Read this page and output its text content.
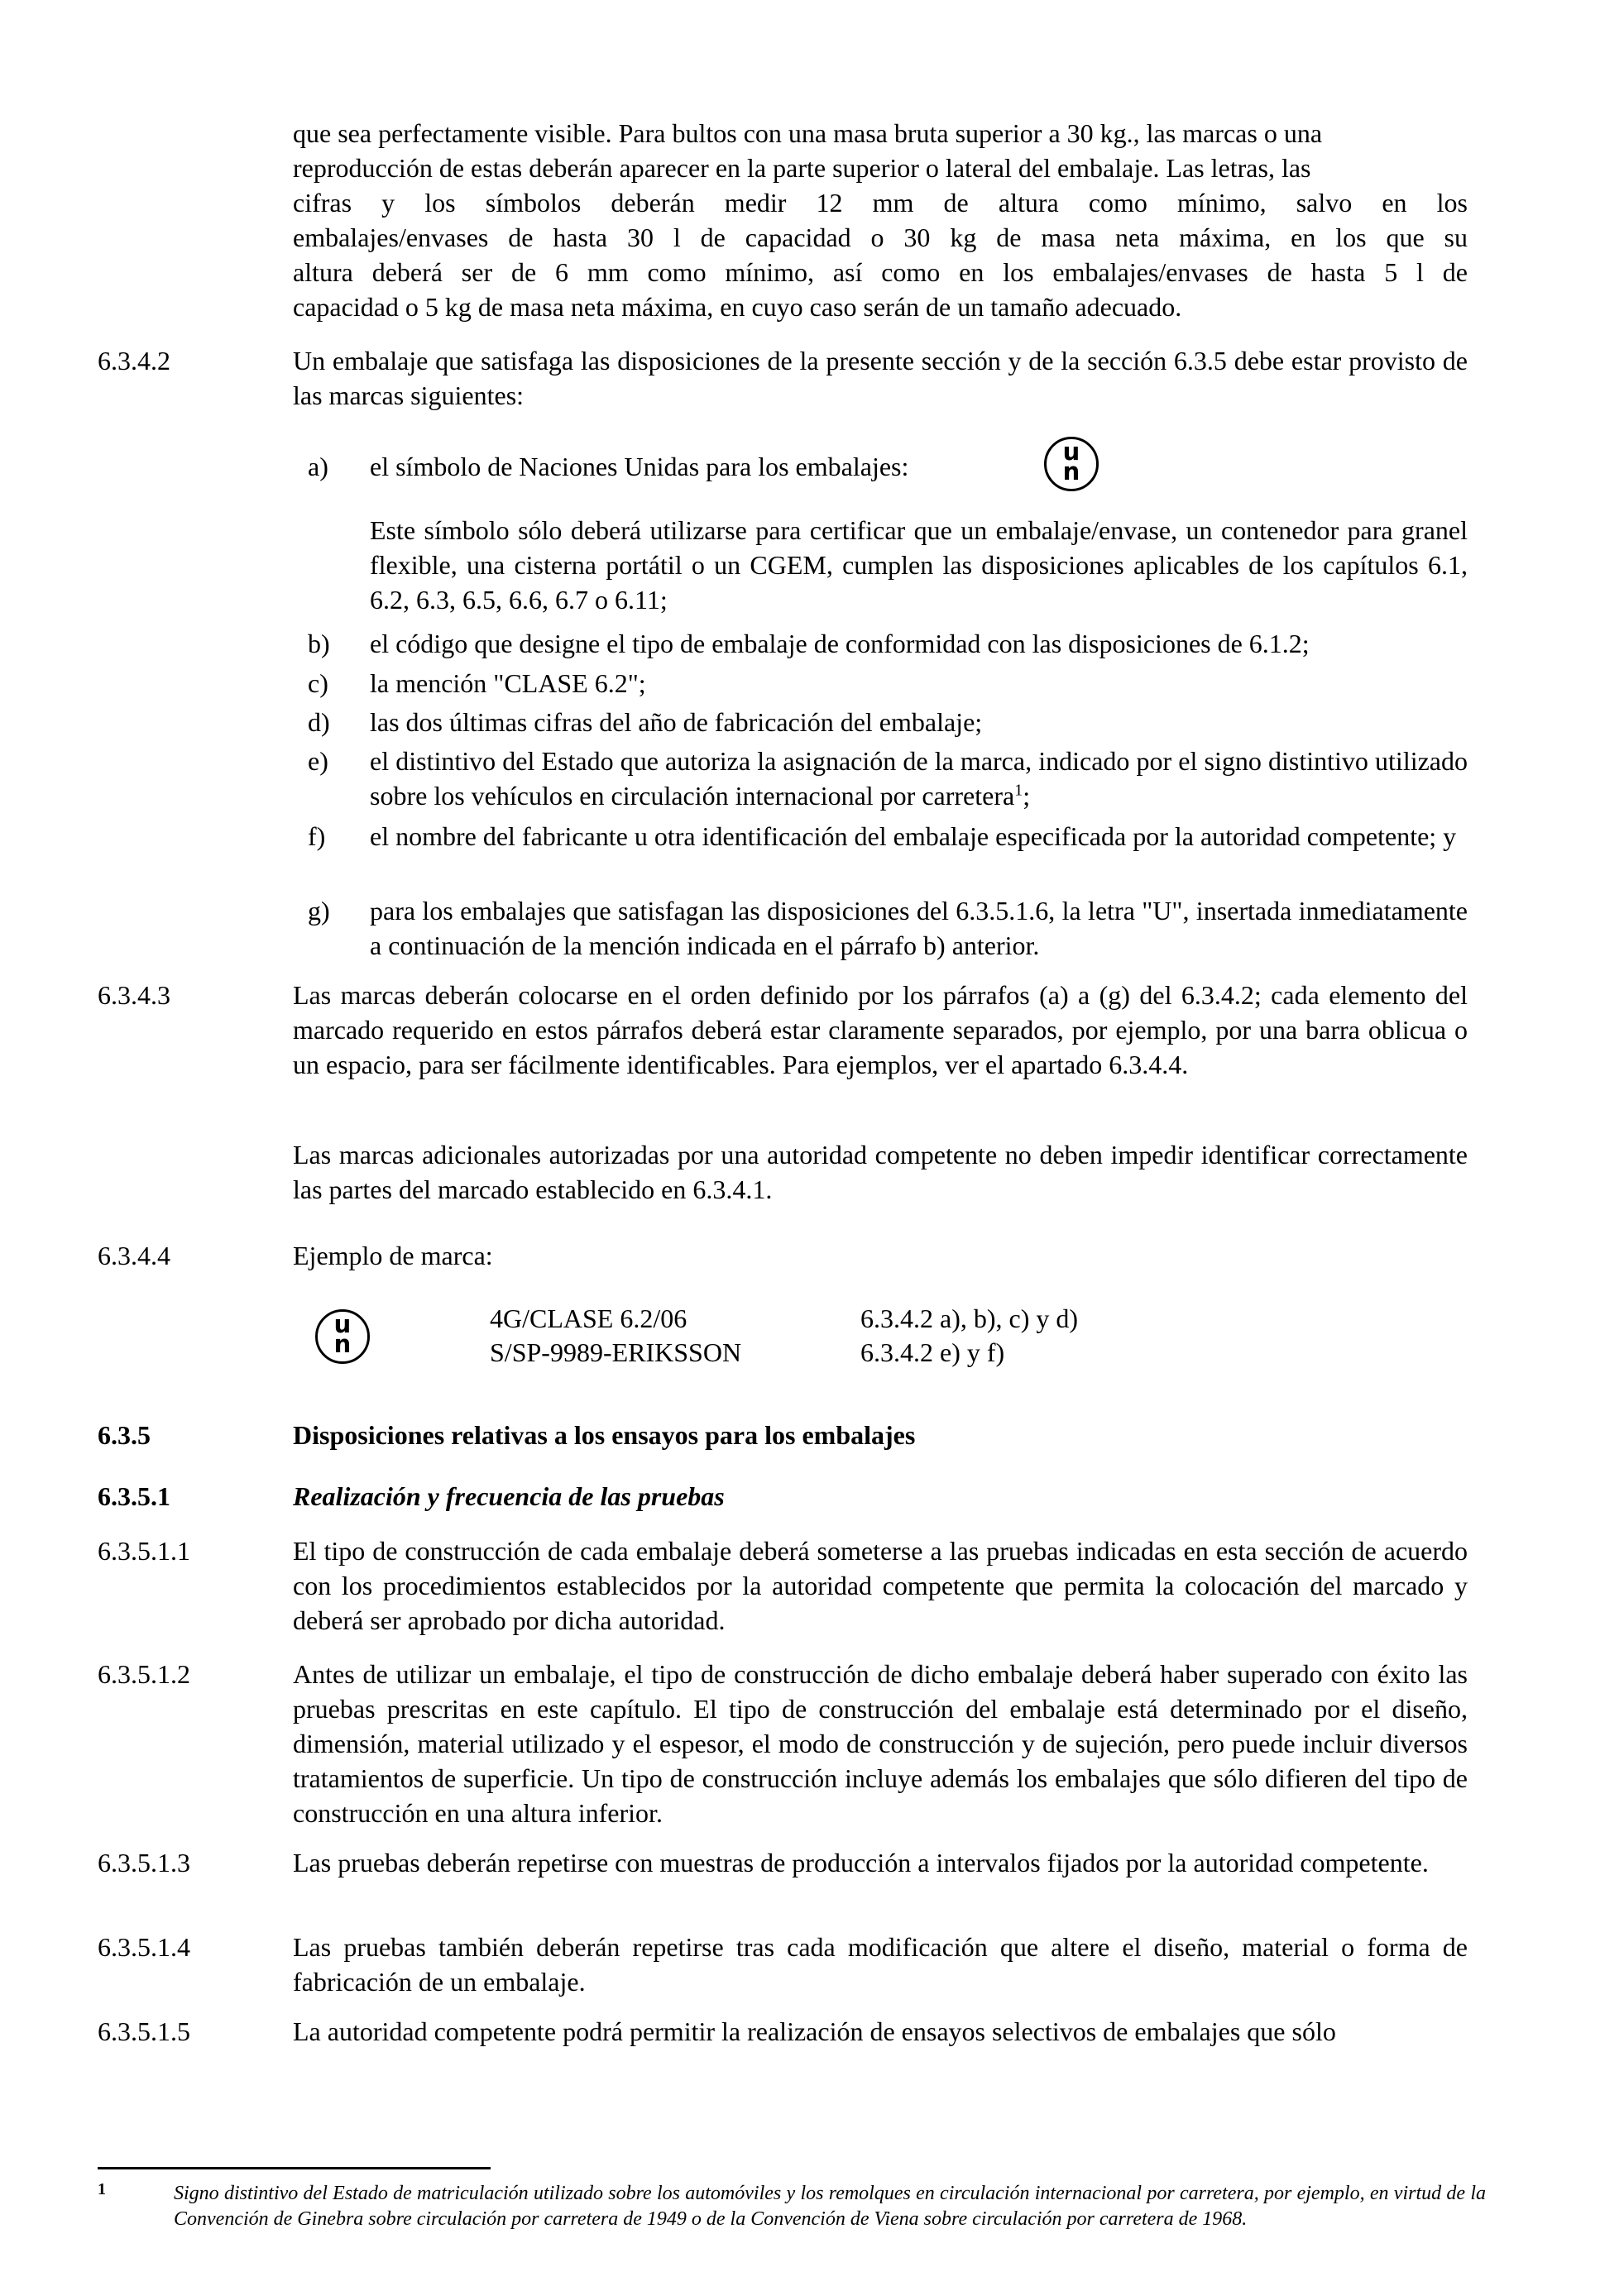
que sea perfectamente visible. Para bultos con una masa bruta superior a 30 kg., las marcas o una
reproducción de estas deberán aparecer en la parte superior o lateral del embalaje. Las letras, las
cifras y los símbolos deberán medir 12 mm de altura como mínimo, salvo en los
embalajes/envases de hasta 30 l de capacidad o 30 kg de masa neta máxima, en los que su
altura deberá ser de 6 mm como mínimo, así como en los embalajes/envases de hasta 5 l de
capacidad o 5 kg de masa neta máxima, en cuyo caso serán de un tamaño adecuado.
6.3.4.2	Un embalaje que satisfaga las disposiciones de la presente sección y de la sección 6.3.5 debe estar provisto de las marcas siguientes:
a) el símbolo de Naciones Unidas para los embalajes:	u
n
Este símbolo sólo deberá utilizarse para certificar que un embalaje/envase, un contenedor para granel flexible, una cisterna portátil o un CGEM, cumplen las disposiciones aplicables de los capítulos 6.1, 6.2, 6.3, 6.5, 6.6, 6.7 o 6.11;
b) el código que designe el tipo de embalaje de conformidad con las disposiciones de 6.1.2;
c) la mención "CLASE 6.2";
d) las dos últimas cifras del año de fabricación del embalaje;
e) el distintivo del Estado que autoriza la asignación de la marca, indicado por el signo distintivo utilizado sobre los vehículos en circulación internacional por carretera$^1$;
f) el nombre del fabricante u otra identificación del embalaje especificada por la autoridad competente; y
g) para los embalajes que satisfagan las disposiciones del 6.3.5.1.6, la letra "U", insertada inmediatamente a continuación de la mención indicada en el párrafo b) anterior.
6.3.4.3	Las marcas deberán colocarse en el orden definido por los párrafos (a) a (g) del 6.3.4.2; cada elemento del marcado requerido en estos párrafos deberá estar claramente separados, por ejemplo, por una barra oblicua o un espacio, para ser fácilmente identificables. Para ejemplos, ver el apartado 6.3.4.4.
Las marcas adicionales autorizadas por una autoridad competente no deben impedir identificar correctamente las partes del marcado establecido en 6.3.4.1.
6.3.4.4	Ejemplo de marca:
u
n
4G/CLASE 6.2/06	6.3.4.2 a), b), c) y d)
S/SP-9989-ERIKSSON	6.3.4.2 e) y f)
6.3.5	Disposiciones relativas a los ensayos para los embalajes
6.3.5.1	Realización y frecuencia de las pruebas
6.3.5.1.1	El tipo de construcción de cada embalaje deberá someterse a las pruebas indicadas en esta sección de acuerdo con los procedimientos establecidos por la autoridad competente que permita la colocación del marcado y deberá ser aprobado por dicha autoridad.
6.3.5.1.2	Antes de utilizar un embalaje, el tipo de construcción de dicho embalaje deberá haber superado con éxito las pruebas prescritas en este capítulo. El tipo de construcción del embalaje está determinado por el diseño, dimensión, material utilizado y el espesor, el modo de construcción y de sujeción, pero puede incluir diversos tratamientos de superficie. Un tipo de construcción incluye además los embalajes que sólo difieren del tipo de construcción en una altura inferior.
6.3.5.1.3	Las pruebas deberán repetirse con muestras de producción a intervalos fijados por la autoridad competente.
6.3.5.1.4	Las pruebas también deberán repetirse tras cada modificación que altere el diseño, material o forma de fabricación de un embalaje.
6.3.5.1.5	La autoridad competente podrá permitir la realización de ensayos selectivos de embalajes que sólo
1	Signo distintivo del Estado de matriculación utilizado sobre los automóviles y los remolques en circulación internacional por carretera, por ejemplo, en virtud de la Convención de Ginebra sobre circulación por carretera de 1949 o de la Convención de Viena sobre circulación por carretera de 1968.
